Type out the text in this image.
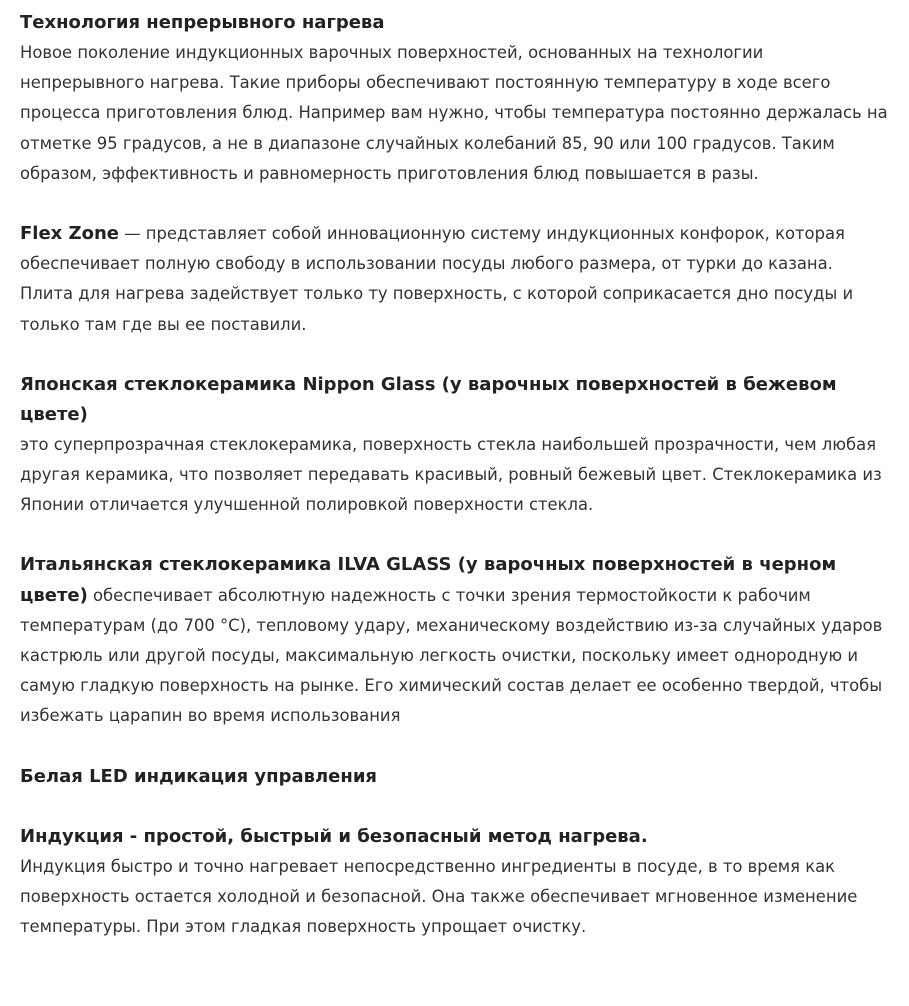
Технология непрерывного нагрева

Новое поколение индукционных варочных поверхностей, основанных на технологии непрерывного нагрева. Такие приборы обеспечивают постоянную температуру в ходе всего процесса приготовления блюд. Например вам нужно, чтобы температура постоянно держалась на отметке 95 градусов, а не в диапазоне случайных колебаний 85, 90 или 100 градусов. Таким образом, эффективность и равномерность приготовления блюд повышается в разы.

Flex Zone — представляет собой инновационную систему индукционных конфорок, которая обеспечивает полную свободу в использовании посуды любого размера, от турки до казана. Плита для нагрева задействует только ту поверхность, с которой соприкасается дно посуды и только там где вы ее поставили.

Японская стеклокерамика Nippon Glass (у варочных поверхностей в бежевом цвете)

это суперпрозрачная стеклокерамика, поверхность стекла наибольшей прозрачности, чем любая другая керамика, что позволяет передавать красивый, ровный бежевый цвет. Стеклокерамика из Японии отличается улучшенной полировкой поверхности стекла.

Итальянская стеклокерамика ILVA GLASS (у варочных поверхностей в черном цвете) обеспечивает абсолютную надежность с точки зрения термостойкости к рабочим температурам (до 700 °C), тепловому удару, механическому воздействию из-за случайных ударов кастрюль или другой посуды, максимальную легкость очистки, поскольку имеет однородную и самую гладкую поверхность на рынке. Его химический состав делает ее особенно твердой, чтобы избежать царапин во время использования

Белая LED индикация управления
Индукция - простой, быстрый и безопасный метод нагрева.

Индукция быстро и точно нагревает непосредственно ингредиенты в посуде, в то время как поверхность остается холодной и безопасной. Она также обеспечивает мгновенное изменение температуры. При этом гладкая поверхность упрощает очистку.
